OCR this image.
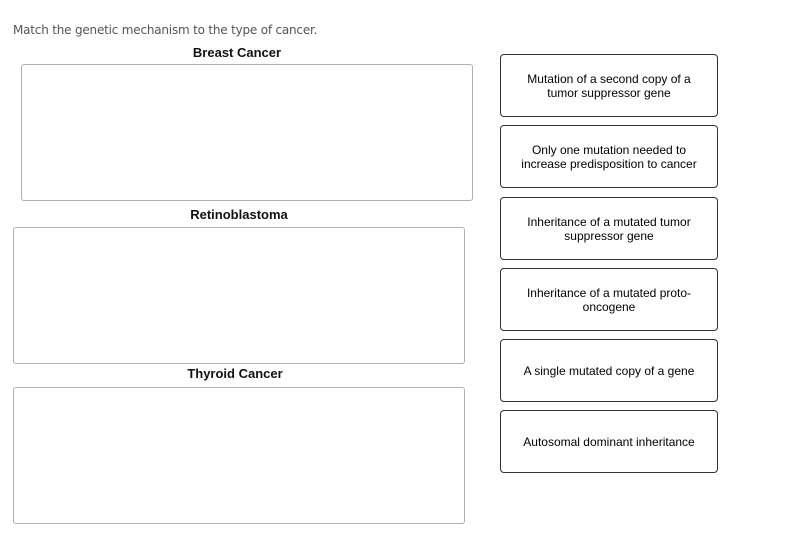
Match the genetic mechanism to the type of cancer.
Breast Cancer
Retinoblastoma
Thyroid Cancer
Mutation of a second copy of a tumor suppressor gene
Only one mutation needed to increase predisposition to cancer
Inheritance of a mutated tumor suppressor gene
Inheritance of a mutated proto-oncogene
A single mutated copy of a gene
Autosomal dominant inheritance
